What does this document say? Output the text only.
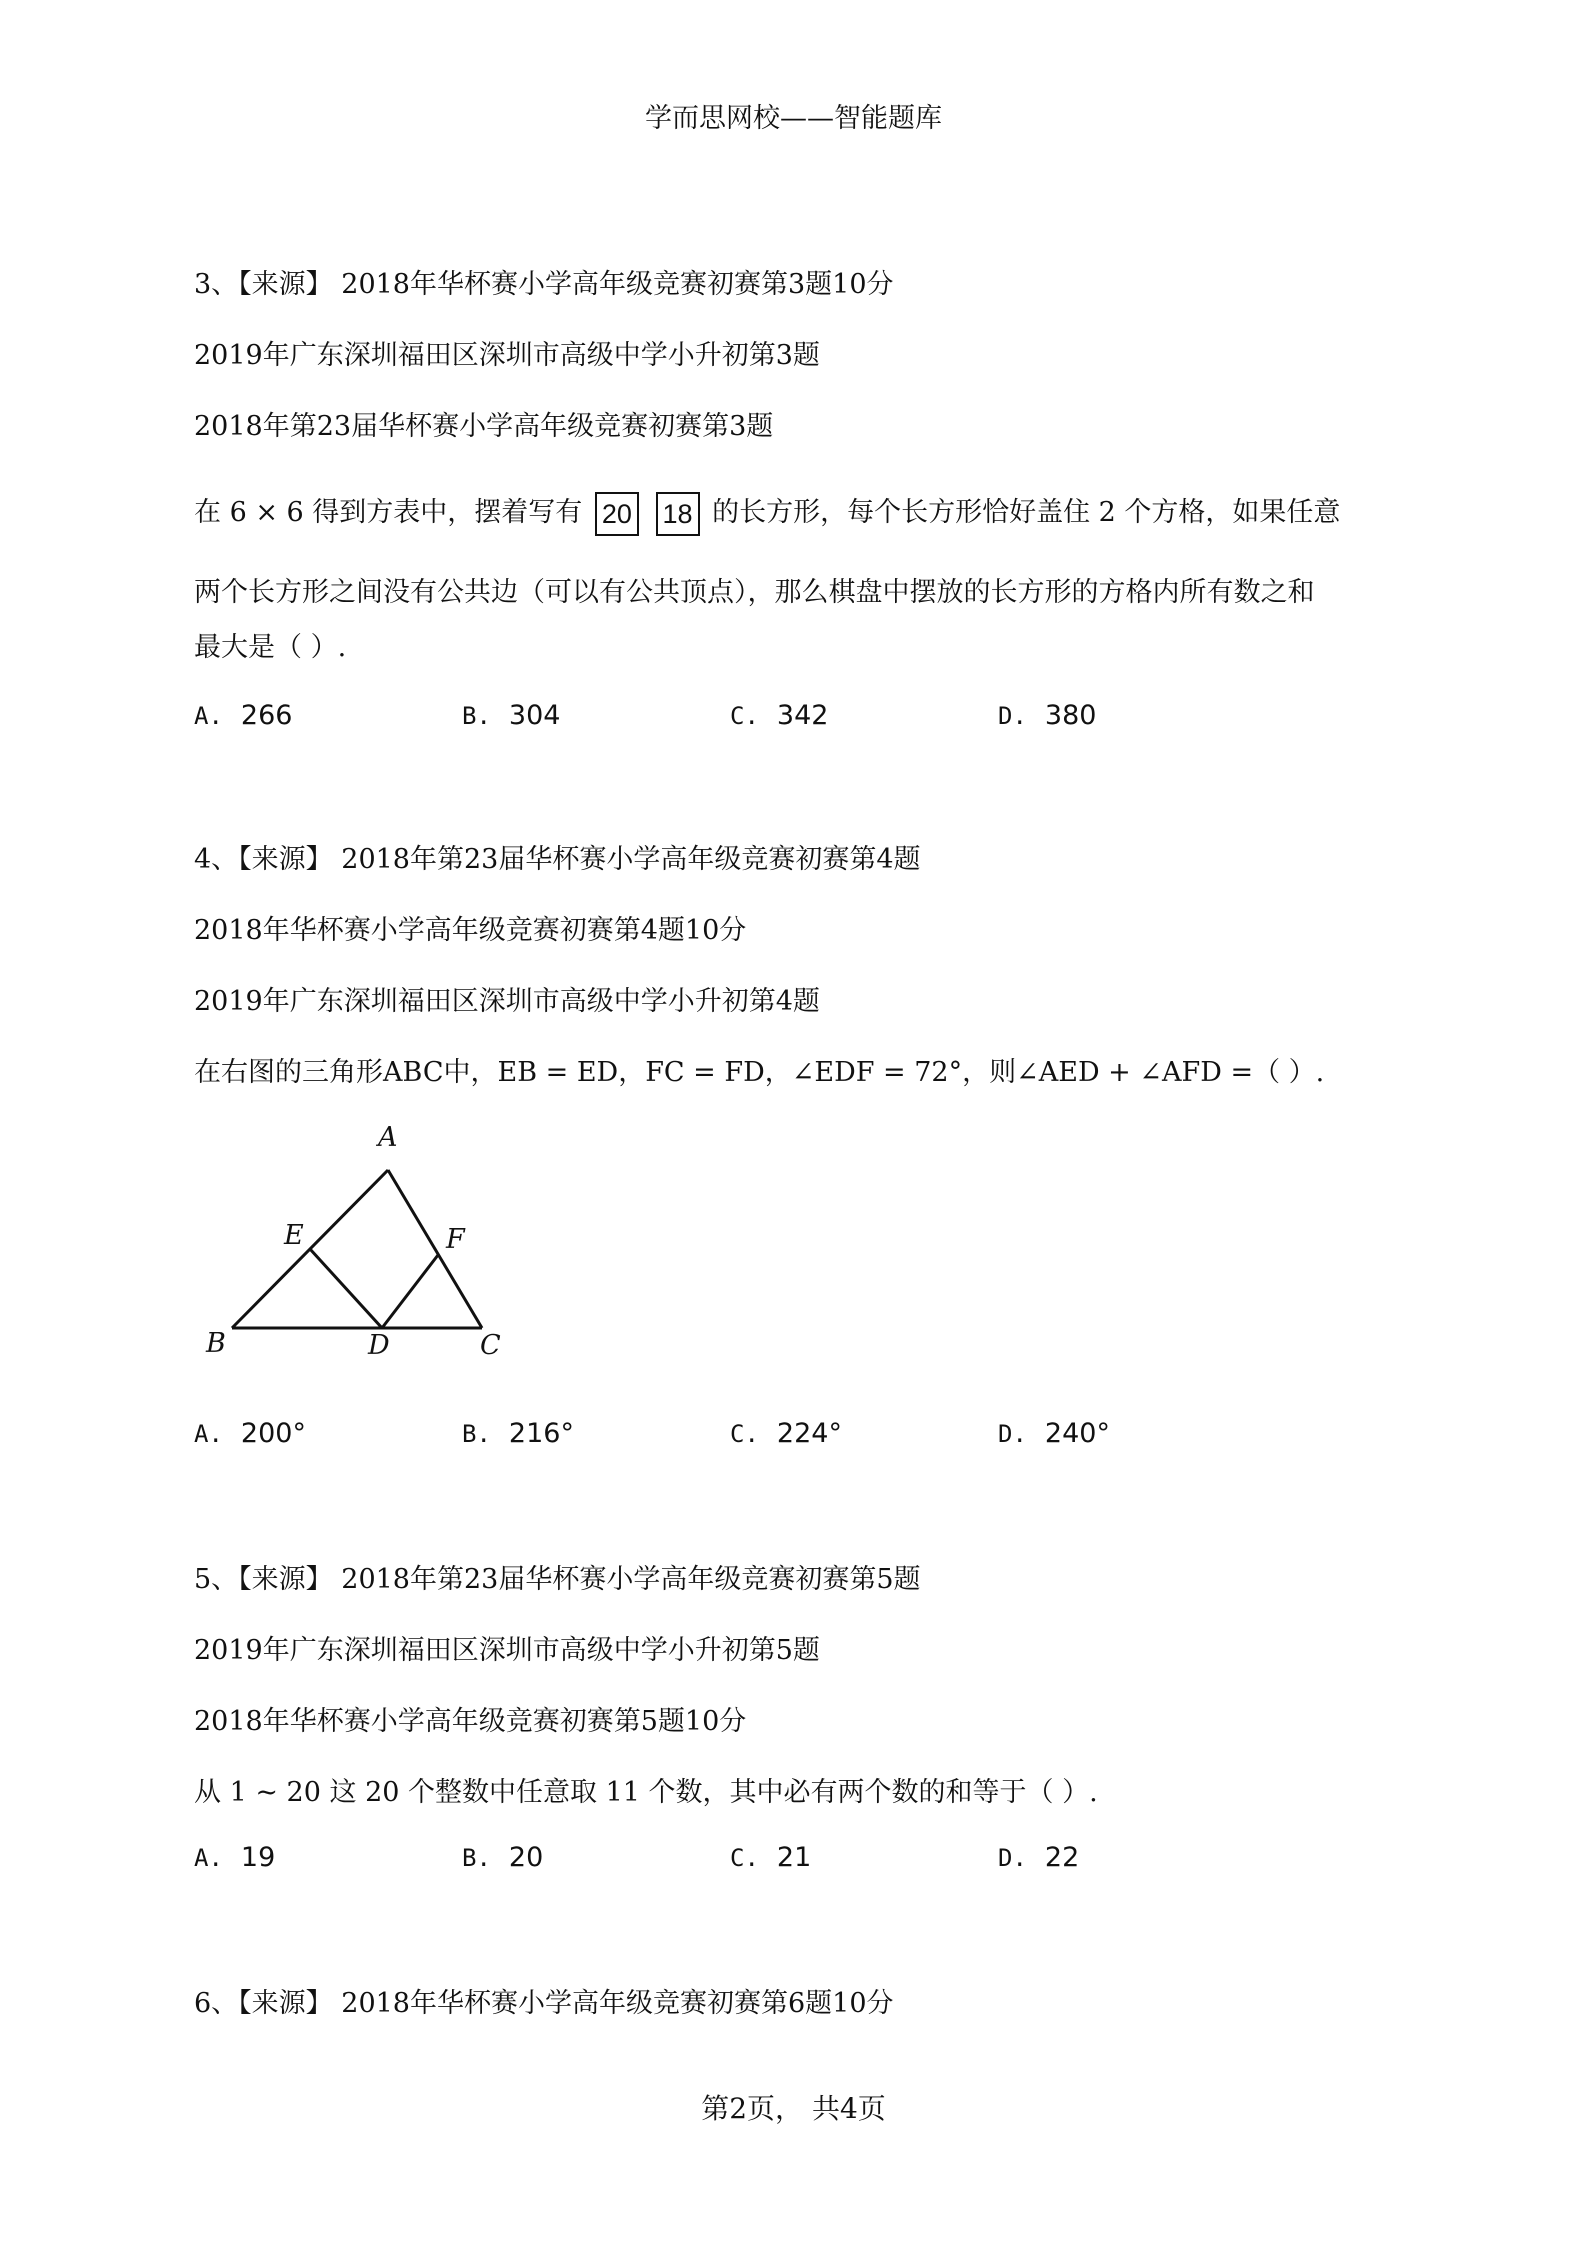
学而思网校——智能题库
3、【来源】 2018年华杯赛小学高年级竞赛初赛第3题10分
2019年广东深圳福田区深圳市高级中学小升初第3题
2018年第23届华杯赛小学高年级竞赛初赛第3题
在 6 × 6 得到方表中，摆着写有 20 18 的长方形，每个长方形恰好盖住 2 个方格，如果任意
两个长方形之间没有公共边（可以有公共顶点），那么棋盘中摆放的长方形的方格内所有数之和
最大是（ ）.
A. 266	B. 304	C. 342	D. 380
4、【来源】 2018年第23届华杯赛小学高年级竞赛初赛第4题
2018年华杯赛小学高年级竞赛初赛第4题10分
2019年广东深圳福田区深圳市高级中学小升初第4题
在右图的三角形ABC中，EB = ED，FC = FD，∠EDF = 72°，则∠AED + ∠AFD =（ ）.
A
E	F
B	D	C
A. 200°	B. 216°	C. 224°	D. 240°
5、【来源】 2018年第23届华杯赛小学高年级竞赛初赛第5题
2019年广东深圳福田区深圳市高级中学小升初第5题
2018年华杯赛小学高年级竞赛初赛第5题10分
从 1 ~ 20 这 20 个整数中任意取 11 个数，其中必有两个数的和等于（ ）.
A. 19	B. 20	C. 21	D. 22
6、【来源】 2018年华杯赛小学高年级竞赛初赛第6题10分
第2页， 共4页
